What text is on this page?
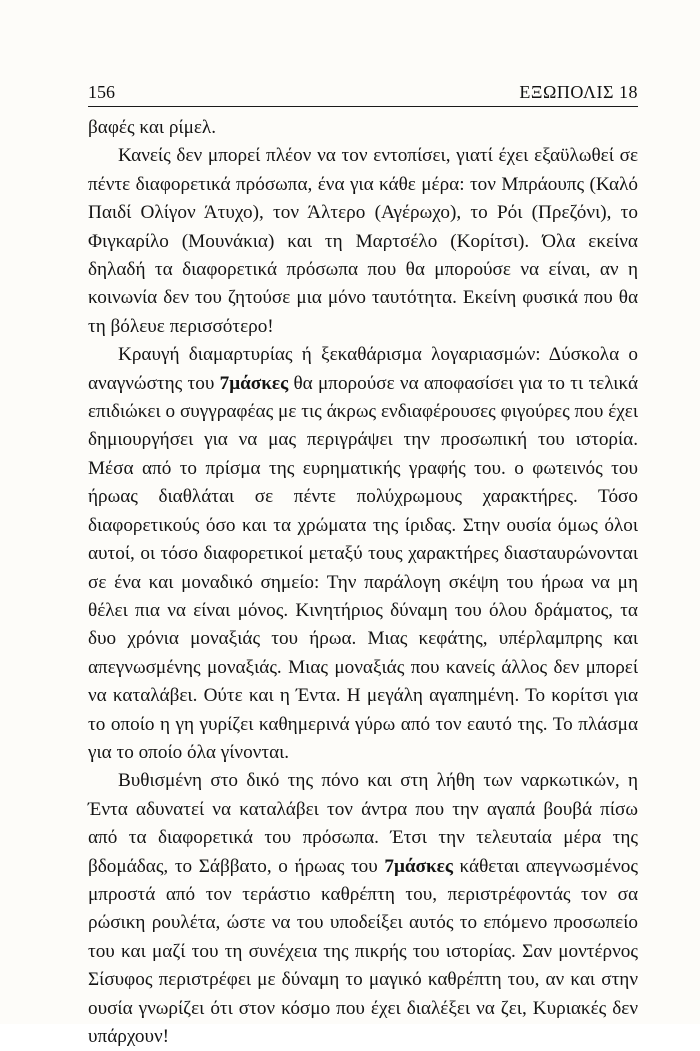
156	ΕΞΩΠΟΛΙΣ 18

βαφές και ρίμελ.

Κανείς δεν μπορεί πλέον να τον εντοπίσει, γιατί έχει εξαϋλωθεί σε πέντε διαφορετικά πρόσωπα, ένα για κάθε μέρα: τον Μπράουπς (Καλό Παιδί Ολίγον Άτυχο), τον Άλτερο (Αγέρωχο), το Ρόι (Πρεζόνι), το Φιγκαρίλο (Μουνάκια) και τη Μαρτσέλο (Κορίτσι). Όλα εκείνα δηλαδή τα διαφορετικά πρόσωπα που θα μπορούσε να είναι, αν η κοινωνία δεν του ζητούσε μια μόνο ταυτότητα. Εκείνη φυσικά που θα τη βόλευε περισσότερο!

Κραυγή διαμαρτυρίας ή ξεκαθάρισμα λογαριασμών: Δύσκολα ο αναγνώστης του 7μάσκες θα μπορούσε να αποφασίσει για το τι τελικά επιδιώκει ο συγγραφέας με τις άκρως ενδιαφέρουσες φιγούρες που έχει δημιουργήσει για να μας περιγράψει την προσωπική του ιστορία. Μέσα από το πρίσμα της ευρηματικής γραφής του. ο φωτεινός του ήρωας διαθλάται σε πέντε πολύχρωμους χαρακτήρες. Τόσο διαφορετικούς όσο και τα χρώματα της ίριδας. Στην ουσία όμως όλοι αυτοί, οι τόσο διαφορετικοί μεταξύ τους χαρακτήρες διασταυρώνονται σε ένα και μοναδικό σημείο: Την παράλογη σκέψη του ήρωα να μη θέλει πια να είναι μόνος. Κινητήριος δύναμη του όλου δράματος, τα δυο χρόνια μοναξιάς του ήρωα. Μιας κεφάτης, υπέρλαμπρης και απεγνωσμένης μοναξιάς. Μιας μοναξιάς που κανείς άλλος δεν μπορεί να καταλάβει. Ούτε και η Έντα. Η μεγάλη αγαπημένη. Το κορίτσι για το οποίο η γη γυρίζει καθημερινά γύρω από τον εαυτό της. Το πλάσμα για το οποίο όλα γίνονται.

Βυθισμένη στο δικό της πόνο και στη λήθη των ναρκωτικών, η Έντα αδυνατεί να καταλάβει τον άντρα που την αγαπά βουβά πίσω από τα διαφορετικά του πρόσωπα. Έτσι την τελευταία μέρα της βδομάδας, το Σάββατο, ο ήρωας του 7μάσκες κάθεται απεγνωσμένος μπροστά από τον τεράστιο καθρέπτη του, περιστρέφοντάς τον σα ρώσικη ρουλέτα, ώστε να του υποδείξει αυτός το επόμενο προσωπείο του και μαζί του τη συνέχεια της πικρής του ιστορίας. Σαν μοντέρνος Σίσυφος περιστρέφει με δύναμη το μαγικό καθρέπτη του, αν και στην ουσία γνωρίζει ότι στον κόσμο που έχει διαλέξει να ζει, Κυριακές δεν υπάρχουν!
